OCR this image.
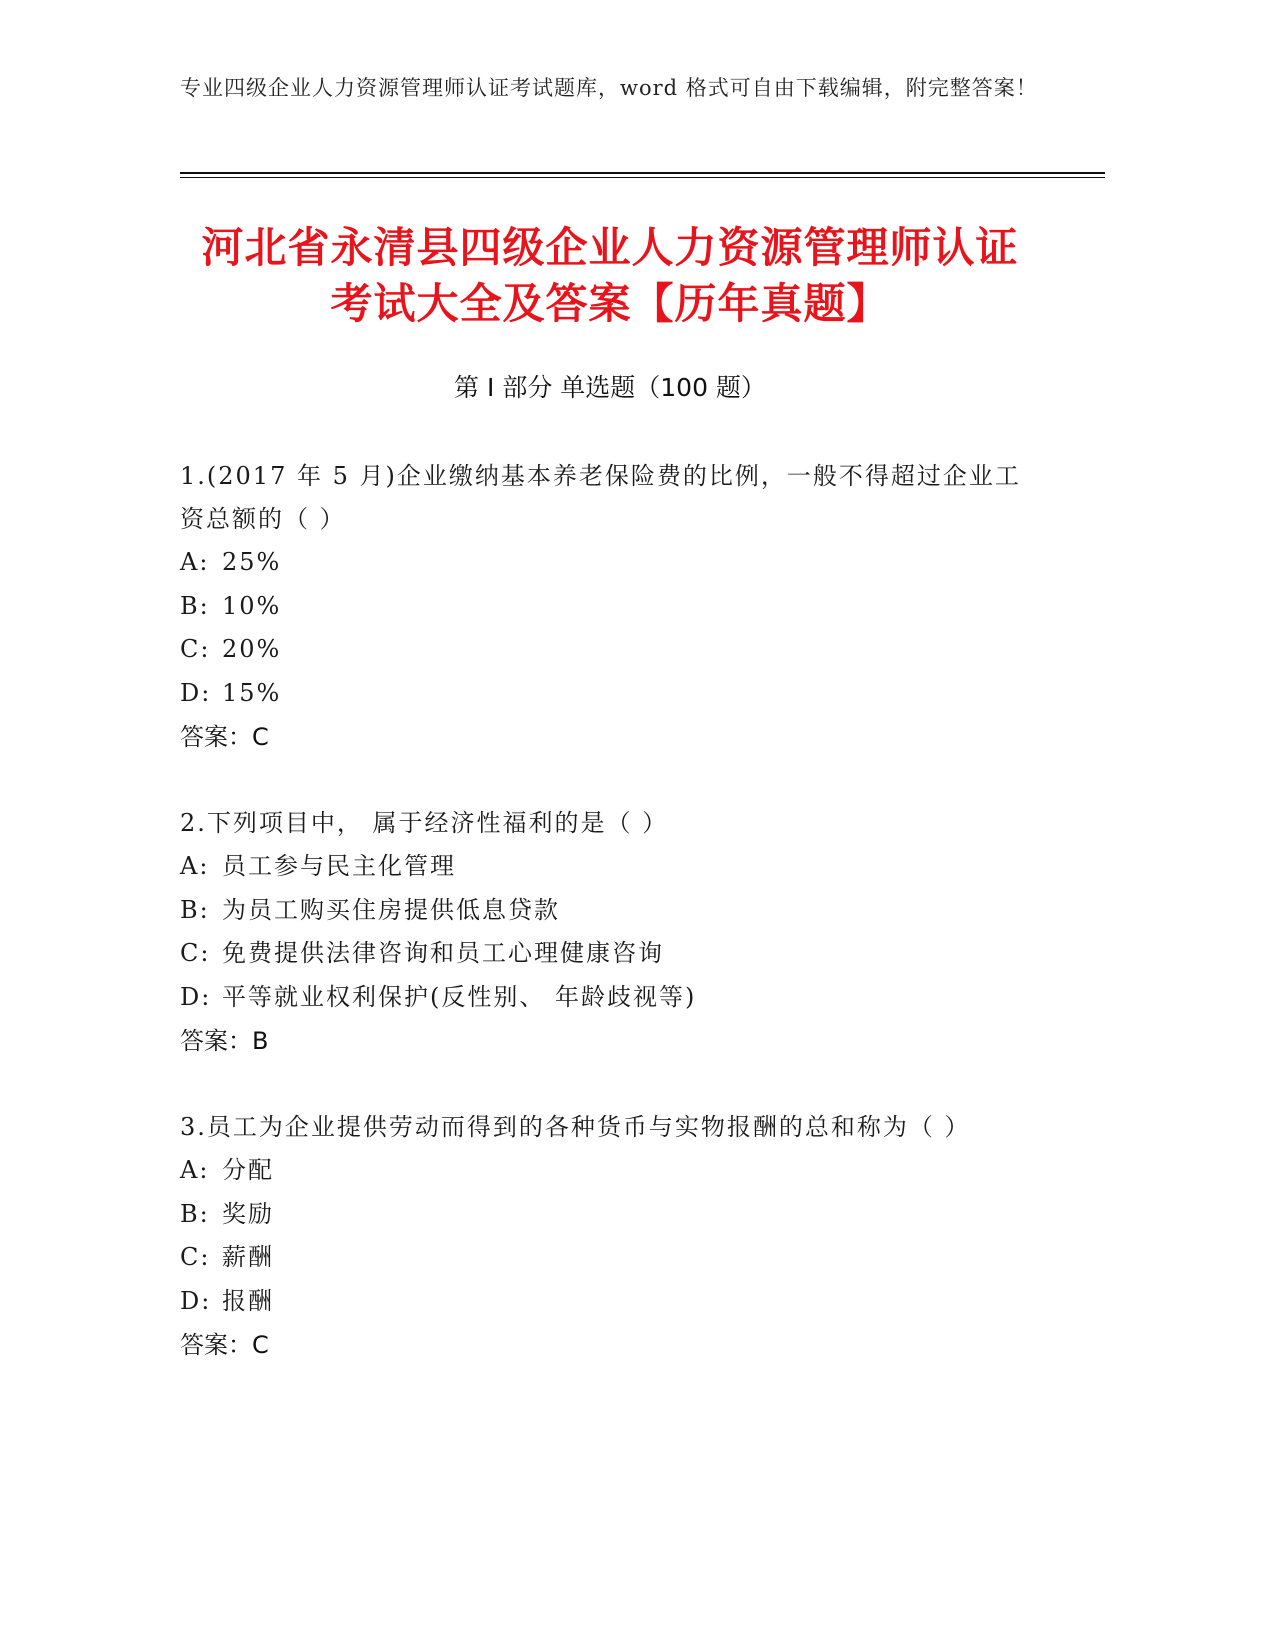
专业四级企业人力资源管理师认证考试题库，word 格式可自由下载编辑，附完整答案！
河北省永清县四级企业人力资源管理师认证
考试大全及答案【历年真题】
第 I 部分 单选题（100 题）
1.(2017 年 5 月)企业缴纳基本养老保险费的比例，一般不得超过企业工资总额的（ ）
A: 25%
B: 10%
C: 20%
D: 15%
答案：C
2.下列项目中， 属于经济性福利的是（ ）
A: 员工参与民主化管理
B: 为员工购买住房提供低息贷款
C: 免费提供法律咨询和员工心理健康咨询
D: 平等就业权利保护(反性别、 年龄歧视等)
答案：B
3.员工为企业提供劳动而得到的各种货币与实物报酬的总和称为（ ）
A: 分配
B: 奖励
C: 薪酬
D: 报酬
答案：C
